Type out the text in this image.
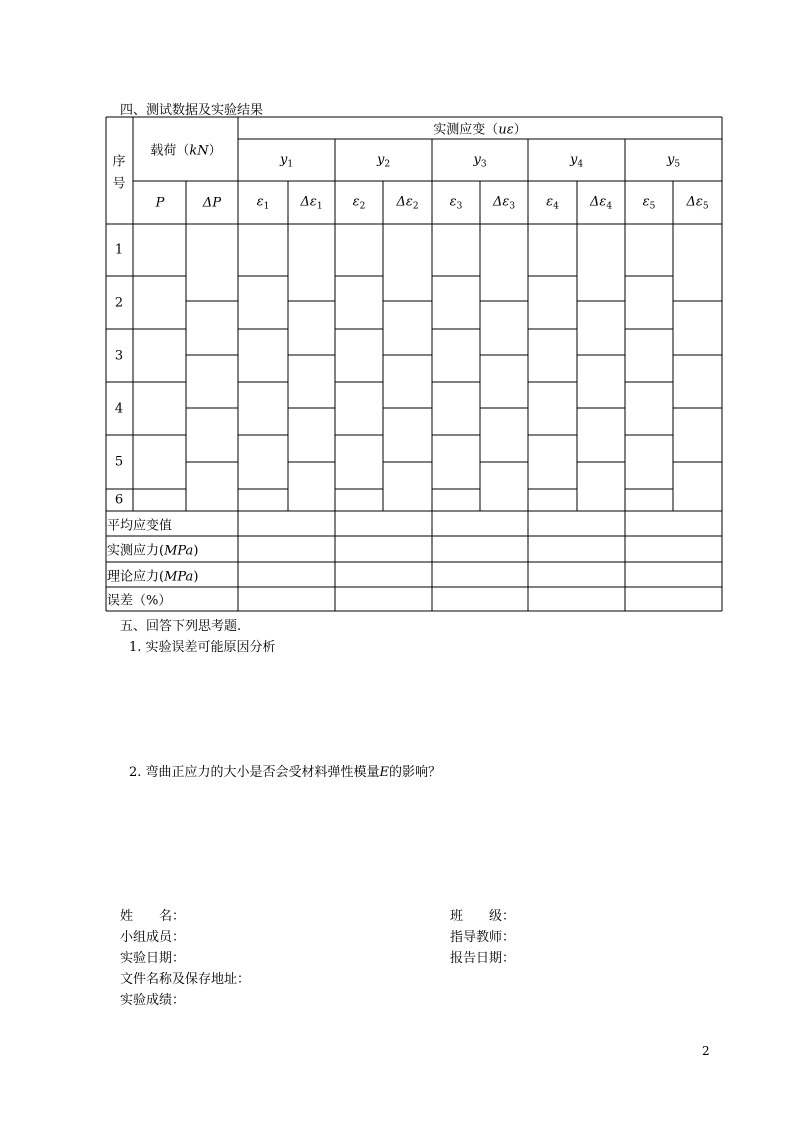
四、测试数据及实验结果
序
号
载荷（kN）
实测应变（uε）
P	ΔP
$y_1$
$\varepsilon_1$ $\Delta\varepsilon_1$
$y_2$
$\varepsilon_2$ $\Delta\varepsilon_2$
$y_3$
$\varepsilon_3$ $\Delta\varepsilon_3$
$y_4$
$\varepsilon_4$ $\Delta\varepsilon_4$
$y_5$
$\varepsilon_5$ $\Delta\varepsilon_5$
1
2
3
4
5
6
平均应变值
实测应力(MPa)
理论应力(MPa)
误差（%）
五、回答下列思考题.
1. 实验误差可能原因分析
2. 弯曲正应力的大小是否会受材料弹性模量E的影响？
姓　　名：
小组成员：
实验日期：
文件名称及保存地址：
实验成绩：
班　　级：
指导教师：
报告日期：
2
